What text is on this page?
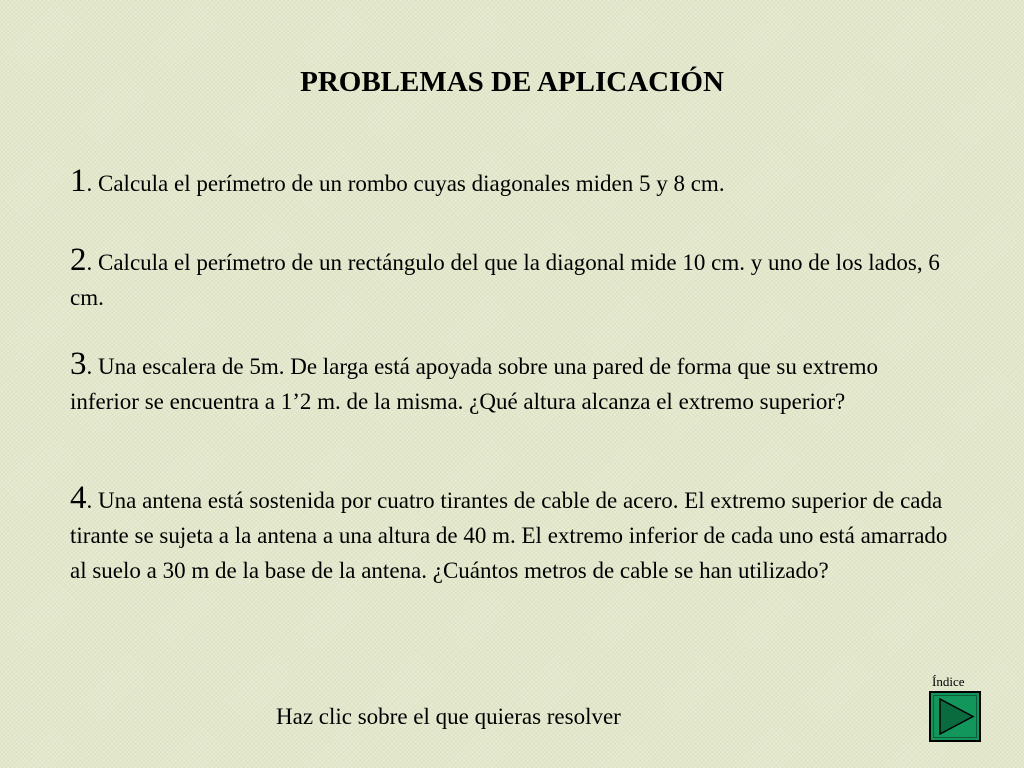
PROBLEMAS DE APLICACIÓN
1. Calcula el perímetro de un rombo cuyas diagonales miden 5 y 8 cm.
2. Calcula el perímetro de un rectángulo del que la diagonal mide 10 cm. y uno de los lados, 6 cm.
3. Una escalera de 5m. De larga está apoyada sobre una pared de forma que su extremo inferior se encuentra a 1’2 m. de la misma. ¿Qué altura alcanza el extremo superior?
4. Una antena está sostenida por cuatro tirantes de cable de acero. El extremo superior de cada tirante se sujeta a la antena a una altura de 40 m. El extremo inferior de cada uno está amarrado al suelo a 30 m de la base de la antena. ¿Cuántos metros de cable se han utilizado?
Haz clic sobre el que quieras resolver
Índice
